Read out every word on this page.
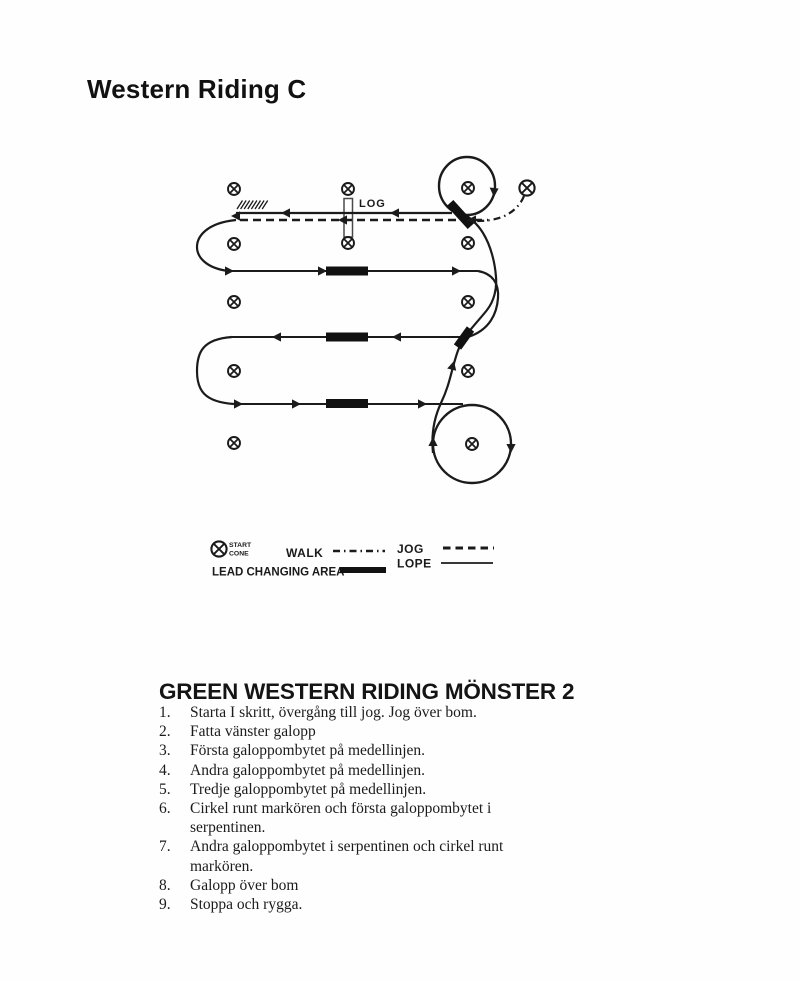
Western Riding C
LOG
START
CONE	WALK	JOG
LEAD CHANGING AREA
LOPE
GREEN WESTERN RIDING MÖNSTER 2
1.	Starta I skritt, övergång till jog. Jog över bom.
2.	Fatta vänster galopp
3.	Första galoppombytet på medellinjen.
4.	Andra galoppombytet på medellinjen.
5.	Tredje galoppombytet på medellinjen.
6.	Cirkel runt markören och första galoppombytet i serpentinen.
7.	Andra galoppombytet i serpentinen och cirkel runt markören.
8.	Galopp över bom
9.	Stoppa och rygga.
